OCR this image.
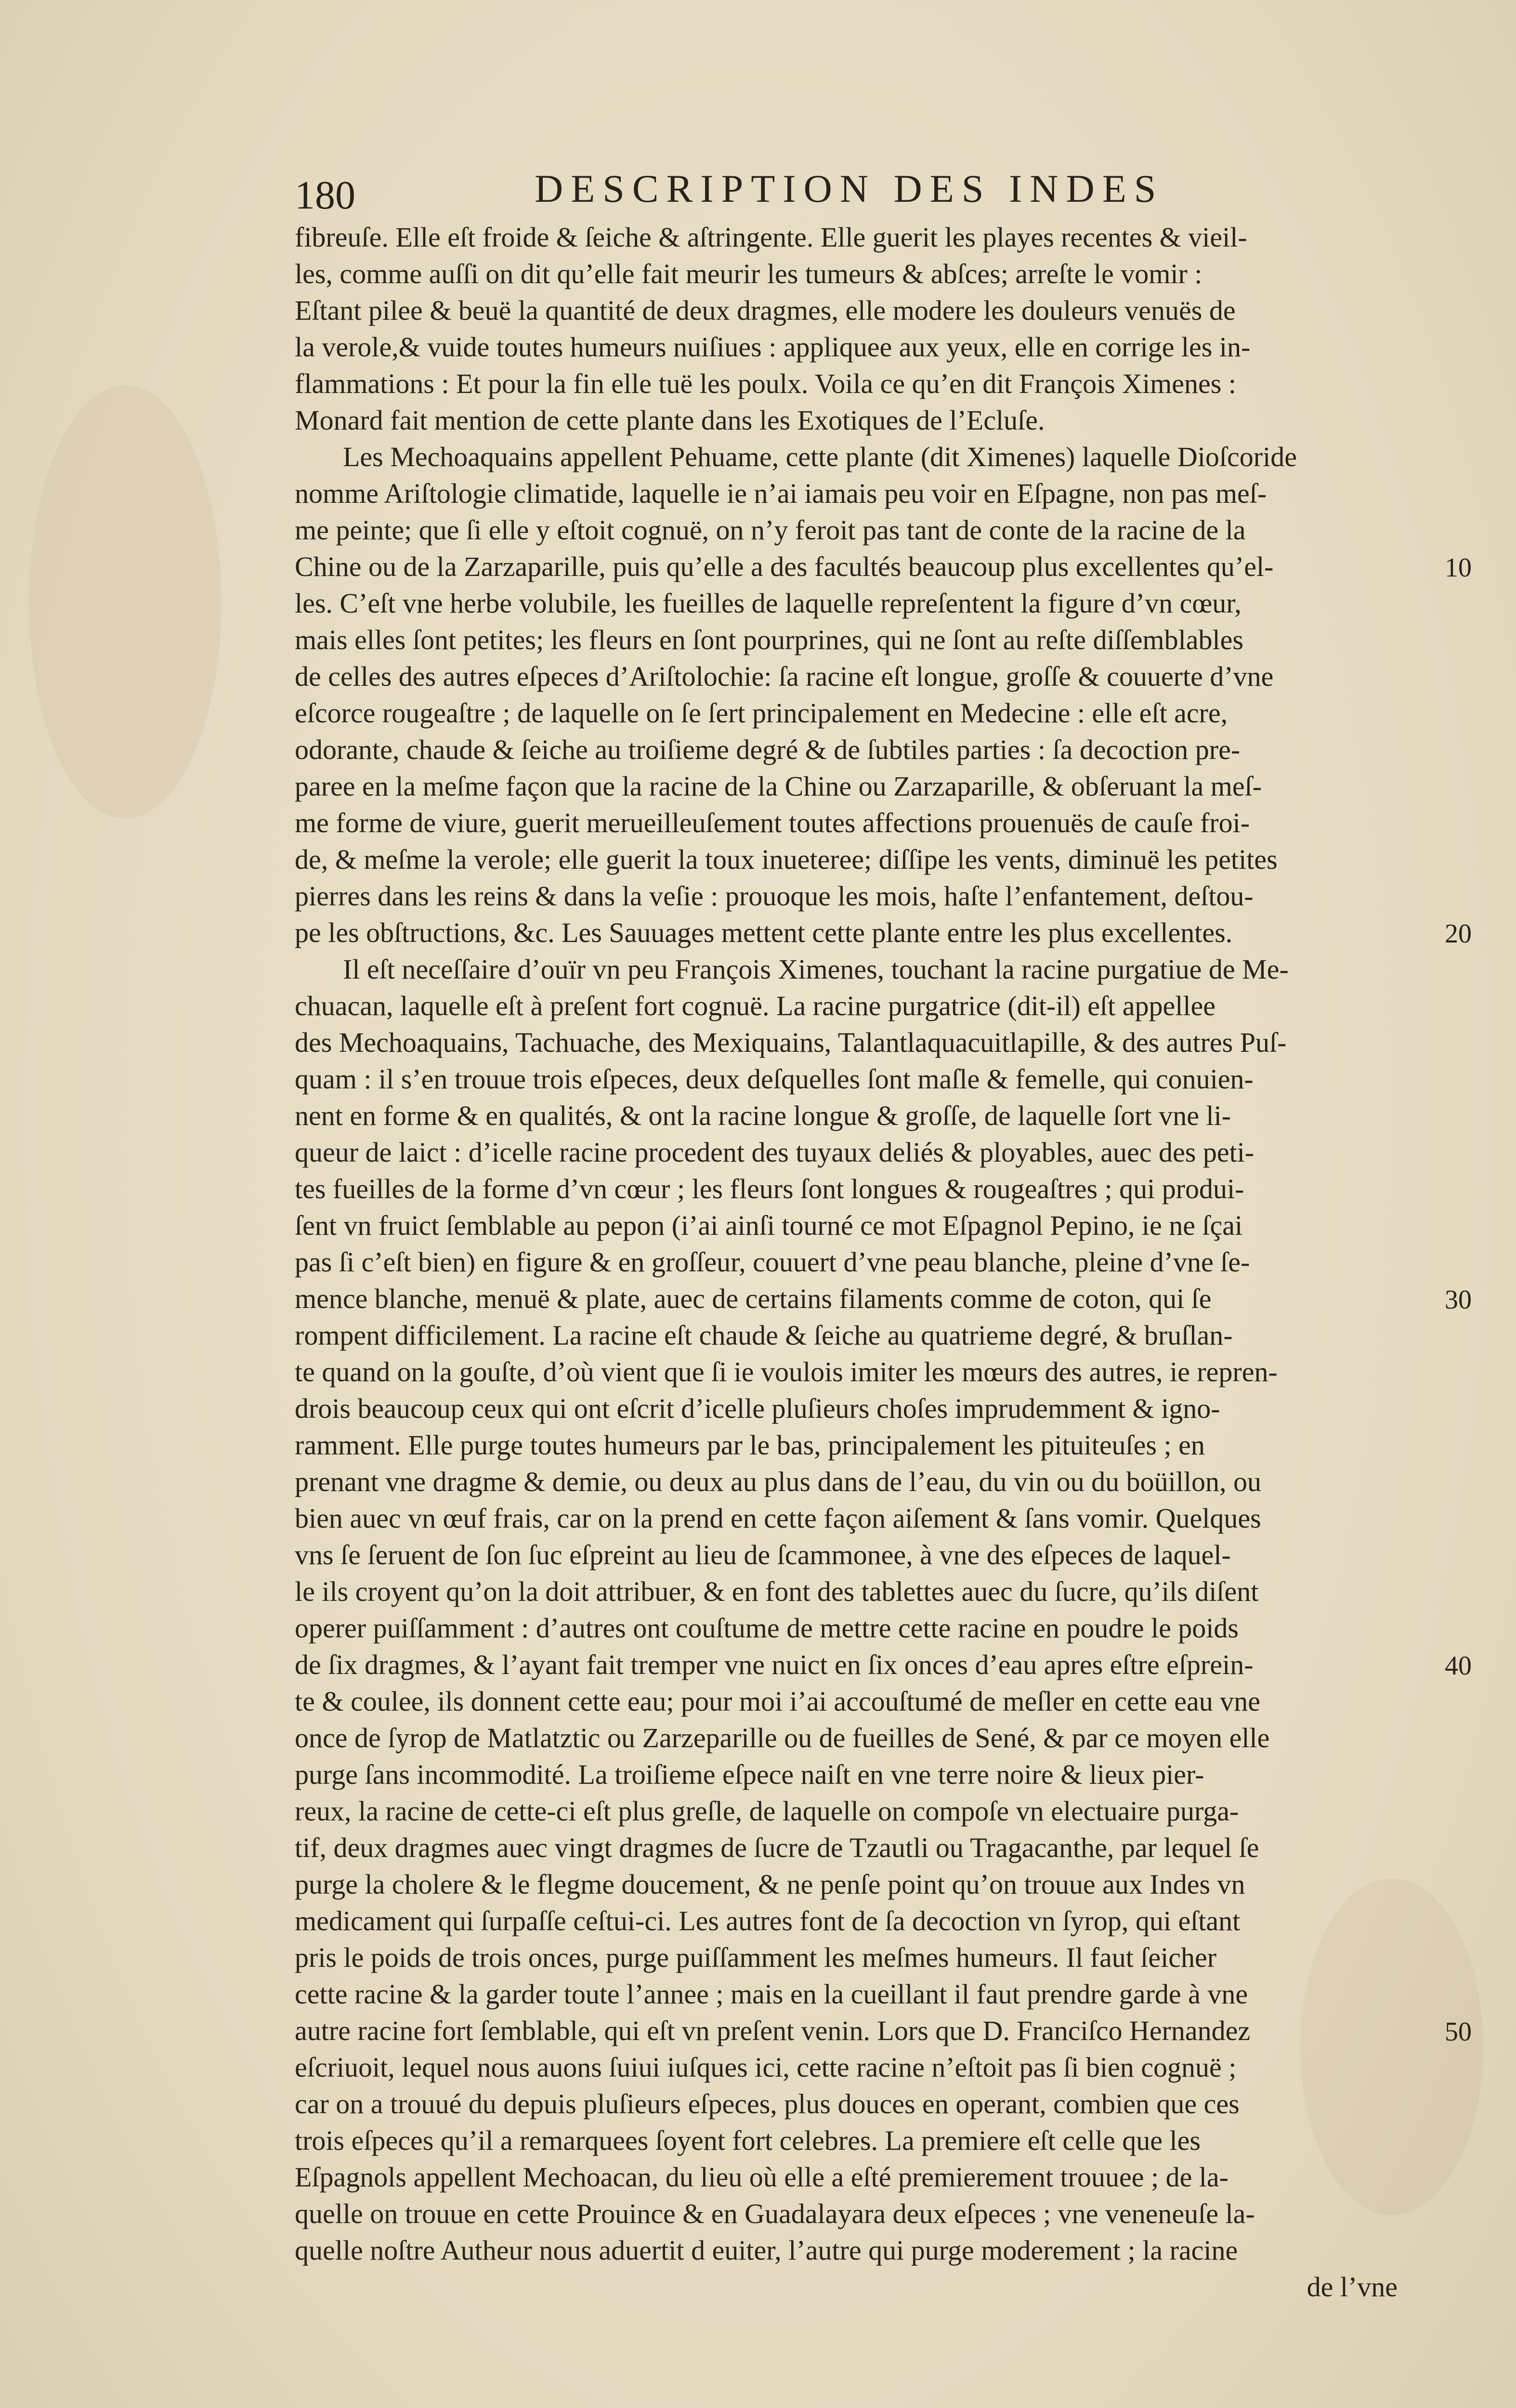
180	DESCRIPTION DES INDES
fibreuſe. Elle eſt froide & ſeiche & aſtringente. Elle guerit les playes recentes & vieil-
les, comme auſſi on dit qu’elle fait meurir les tumeurs & abſces; arreſte le vomir :
Eſtant pilee & beuë la quantité de deux dragmes, elle modere les douleurs venuës de
la verole,& vuide toutes humeurs nuiſiues : appliquee aux yeux, elle en corrige les in-
flammations : Et pour la fin elle tuë les poulx. Voila ce qu’en dit François Ximenes :
Monard fait mention de cette plante dans les Exotiques de l’Ecluſe.
Les Mechoaquains appellent Pehuame, cette plante (dit Ximenes) laquelle Dioſcoride
nomme Ariſtologie climatide, laquelle ie n’ai iamais peu voir en Eſpagne, non pas meſ-
me peinte; que ſi elle y eſtoit cognuë, on n’y feroit pas tant de conte de la racine de la
Chine ou de la Zarzaparille, puis qu’elle a des facultés beaucoup plus excellentes qu’el-
les. C’eſt vne herbe volubile, les fueilles de laquelle repreſentent la figure d’vn cœur,
mais elles ſont petites; les fleurs en ſont pourprines, qui ne ſont au reſte diſſemblables
de celles des autres eſpeces d’Ariſtolochie: ſa racine eſt longue, groſſe & couuerte d’vne
eſcorce rougeaſtre ; de laquelle on ſe ſert principalement en Medecine : elle eſt acre,
odorante, chaude & ſeiche au troiſieme degré & de ſubtiles parties : ſa decoction pre-
paree en la meſme façon que la racine de la Chine ou Zarzaparille, & obſeruant la meſ-
me forme de viure, guerit merueilleuſement toutes affections prouenuës de cauſe froi-
de, & meſme la verole; elle guerit la toux inueteree; diſſipe les vents, diminuë les petites
pierres dans les reins & dans la veſie : prouoque les mois, haſte l’enfantement, deſtou-
pe les obſtructions, &c. Les Sauuages mettent cette plante entre les plus excellentes.
Il eſt neceſſaire d’ouïr vn peu François Ximenes, touchant la racine purgatiue de Me-
chuacan, laquelle eſt à preſent fort cognuë. La racine purgatrice (dit-il) eſt appellee
des Mechoaquains, Tachuache, des Mexiquains, Talantlaquacuitlapille, & des autres Puſ-
quam : il s’en trouue trois eſpeces, deux deſquelles ſont maſle & femelle, qui conuien-
nent en forme & en qualités, & ont la racine longue & groſſe, de laquelle ſort vne li-
queur de laict : d’icelle racine procedent des tuyaux deliés & ployables, auec des peti-
tes fueilles de la forme d’vn cœur ; les fleurs ſont longues & rougeaſtres ; qui produi-
ſent vn fruict ſemblable au pepon (i’ai ainſi tourné ce mot Eſpagnol Pepino, ie ne ſçai
pas ſi c’eſt bien) en figure & en groſſeur, couuert d’vne peau blanche, pleine d’vne ſe-
mence blanche, menuë & plate, auec de certains filaments comme de coton, qui ſe
rompent difficilement. La racine eſt chaude & ſeiche au quatrieme degré, & bruſlan-
te quand on la gouſte, d’où vient que ſi ie voulois imiter les mœurs des autres, ie repren-
drois beaucoup ceux qui ont eſcrit d’icelle pluſieurs choſes imprudemment & igno-
ramment. Elle purge toutes humeurs par le bas, principalement les pituiteuſes ; en
prenant vne dragme & demie, ou deux au plus dans de l’eau, du vin ou du boüillon, ou
bien auec vn œuf frais, car on la prend en cette façon aiſement & ſans vomir. Quelques
vns ſe ſeruent de ſon ſuc eſpreint au lieu de ſcammonee, à vne des eſpeces de laquel-
le ils croyent qu’on la doit attribuer, & en font des tablettes auec du ſucre, qu’ils diſent
operer puiſſamment : d’autres ont couſtume de mettre cette racine en poudre le poids
de ſix dragmes, & l’ayant fait tremper vne nuict en ſix onces d’eau apres eſtre eſprein-
te & coulee, ils donnent cette eau; pour moi i’ai accouſtumé de meſler en cette eau vne
once de ſyrop de Matlatztic ou Zarzeparille ou de fueilles de Sené, & par ce moyen elle
purge ſans incommodité. La troiſieme eſpece naiſt en vne terre noire & lieux pier-
reux, la racine de cette-ci eſt plus greſle, de laquelle on compoſe vn electuaire purga-
tif, deux dragmes auec vingt dragmes de ſucre de Tzautli ou Tragacanthe, par lequel ſe
purge la cholere & le flegme doucement, & ne penſe point qu’on trouue aux Indes vn
medicament qui ſurpaſſe ceſtui-ci. Les autres font de ſa decoction vn ſyrop, qui eſtant
pris le poids de trois onces, purge puiſſamment les meſmes humeurs. Il faut ſeicher
cette racine & la garder toute l’annee ; mais en la cueillant il faut prendre garde à vne
autre racine fort ſemblable, qui eſt vn preſent venin. Lors que D. Franciſco Hernandez
eſcriuoit, lequel nous auons ſuiui iuſques ici, cette racine n’eſtoit pas ſi bien cognuë ;
car on a trouué du depuis pluſieurs eſpeces, plus douces en operant, combien que ces
trois eſpeces qu’il a remarquees ſoyent fort celebres. La premiere eſt celle que les
Eſpagnols appellent Mechoacan, du lieu où elle a eſté premierement trouuee ; de la-
quelle on trouue en cette Prouince & en Guadalayara deux eſpeces ; vne veneneuſe la-
quelle noſtre Autheur nous aduertit d euiter, l’autre qui purge moderement ; la racine
de l’vne
10
20
30
40
50
